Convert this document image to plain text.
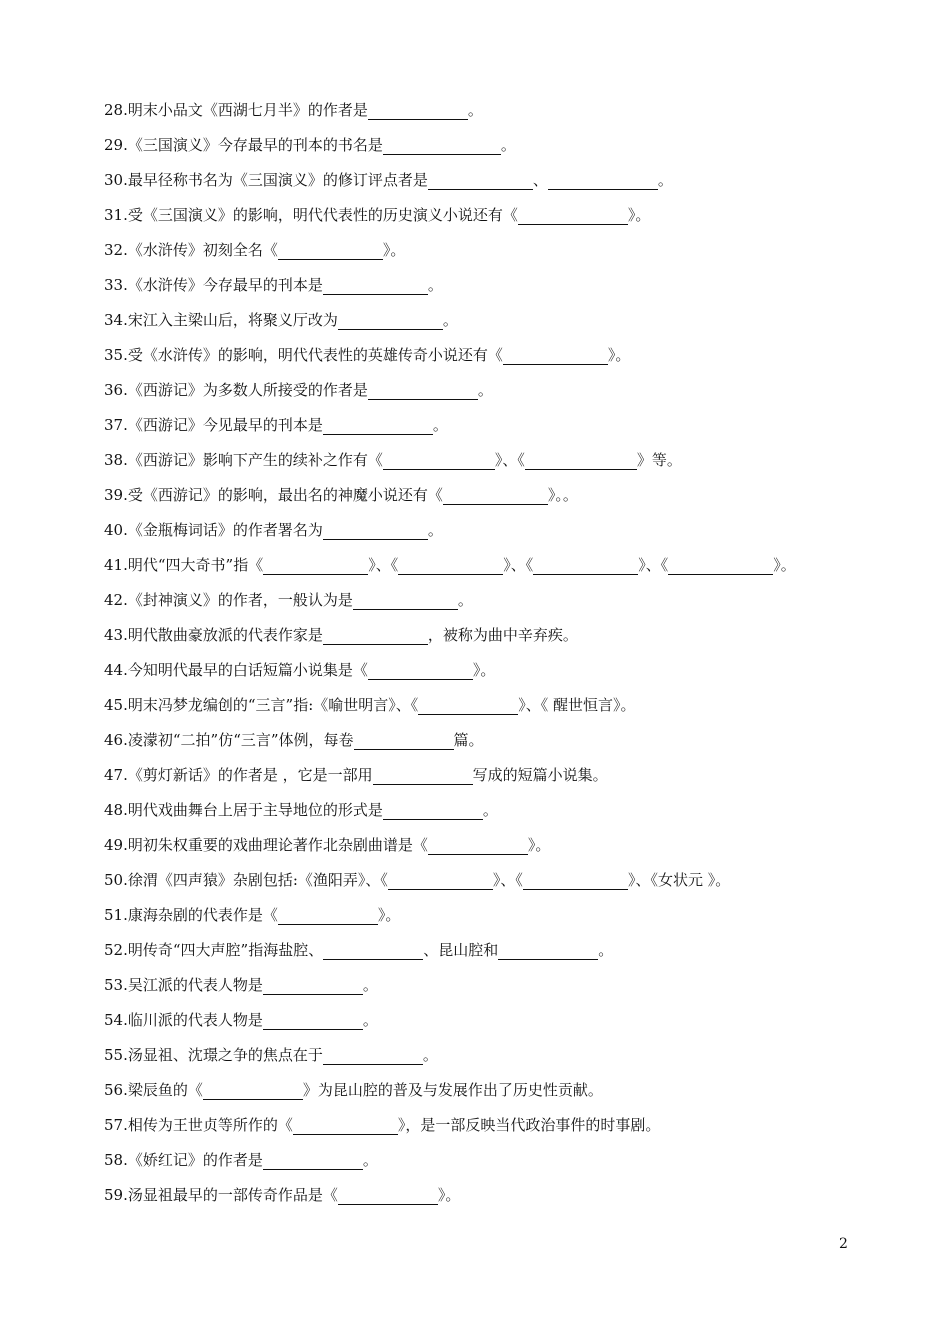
28.明末小品文《西湖七月半》的作者是	。
29.《三国演义》今存最早的刊本的书名是	。
30.最早径称书名为《三国演义》的修订评点者是	、	。
31.受《三国演义》的影响，明代代表性的历史演义小说还有《	》。
32.《水浒传》初刻全名《	》。
33.《水浒传》今存最早的刊本是	。
34.宋江入主梁山后，将聚义厅改为	。
35.受《水浒传》的影响，明代代表性的英雄传奇小说还有《	》。
36.《西游记》为多数人所接受的作者是	。
37.《西游记》今见最早的刊本是	。
38.《西游记》影响下产生的续补之作有《	》、《	》等。
39.受《西游记》的影响，最出名的神魔小说还有《	》。。
40.《金瓶梅词话》的作者署名为	。
41.明代“四大奇书”指《	》、《	》、《	》、《	》。
42.《封神演义》的作者，一般认为是	。
43.明代散曲豪放派的代表作家是	，被称为曲中辛弃疾。
44.今知明代最早的白话短篇小说集是《	》。
45.明末冯梦龙编创的“三言”指:《喻世明言》、《	》、《 醒世恒言》。
46.凌濛初“二拍”仿“三言”体例，每卷	篇。
47.《剪灯新话》的作者是 ，它是一部用	写成的短篇小说集。
48.明代戏曲舞台上居于主导地位的形式是	。
49.明初朱权重要的戏曲理论著作北杂剧曲谱是《	》。
50.徐渭《四声猿》杂剧包括:《渔阳弄》、《	》、《	》、《女状元 》。
51.康海杂剧的代表作是《	》。
52.明传奇“四大声腔”指海盐腔、	、昆山腔和	。
53.吴江派的代表人物是	。
54.临川派的代表人物是	。
55.汤显祖、沈璟之争的焦点在于	。
56.梁辰鱼的《	》为昆山腔的普及与发展作出了历史性贡献。
57.相传为王世贞等所作的《	》，是一部反映当代政治事件的时事剧。
58.《娇红记》的作者是	。
59.汤显祖最早的一部传奇作品是《	》。
2
